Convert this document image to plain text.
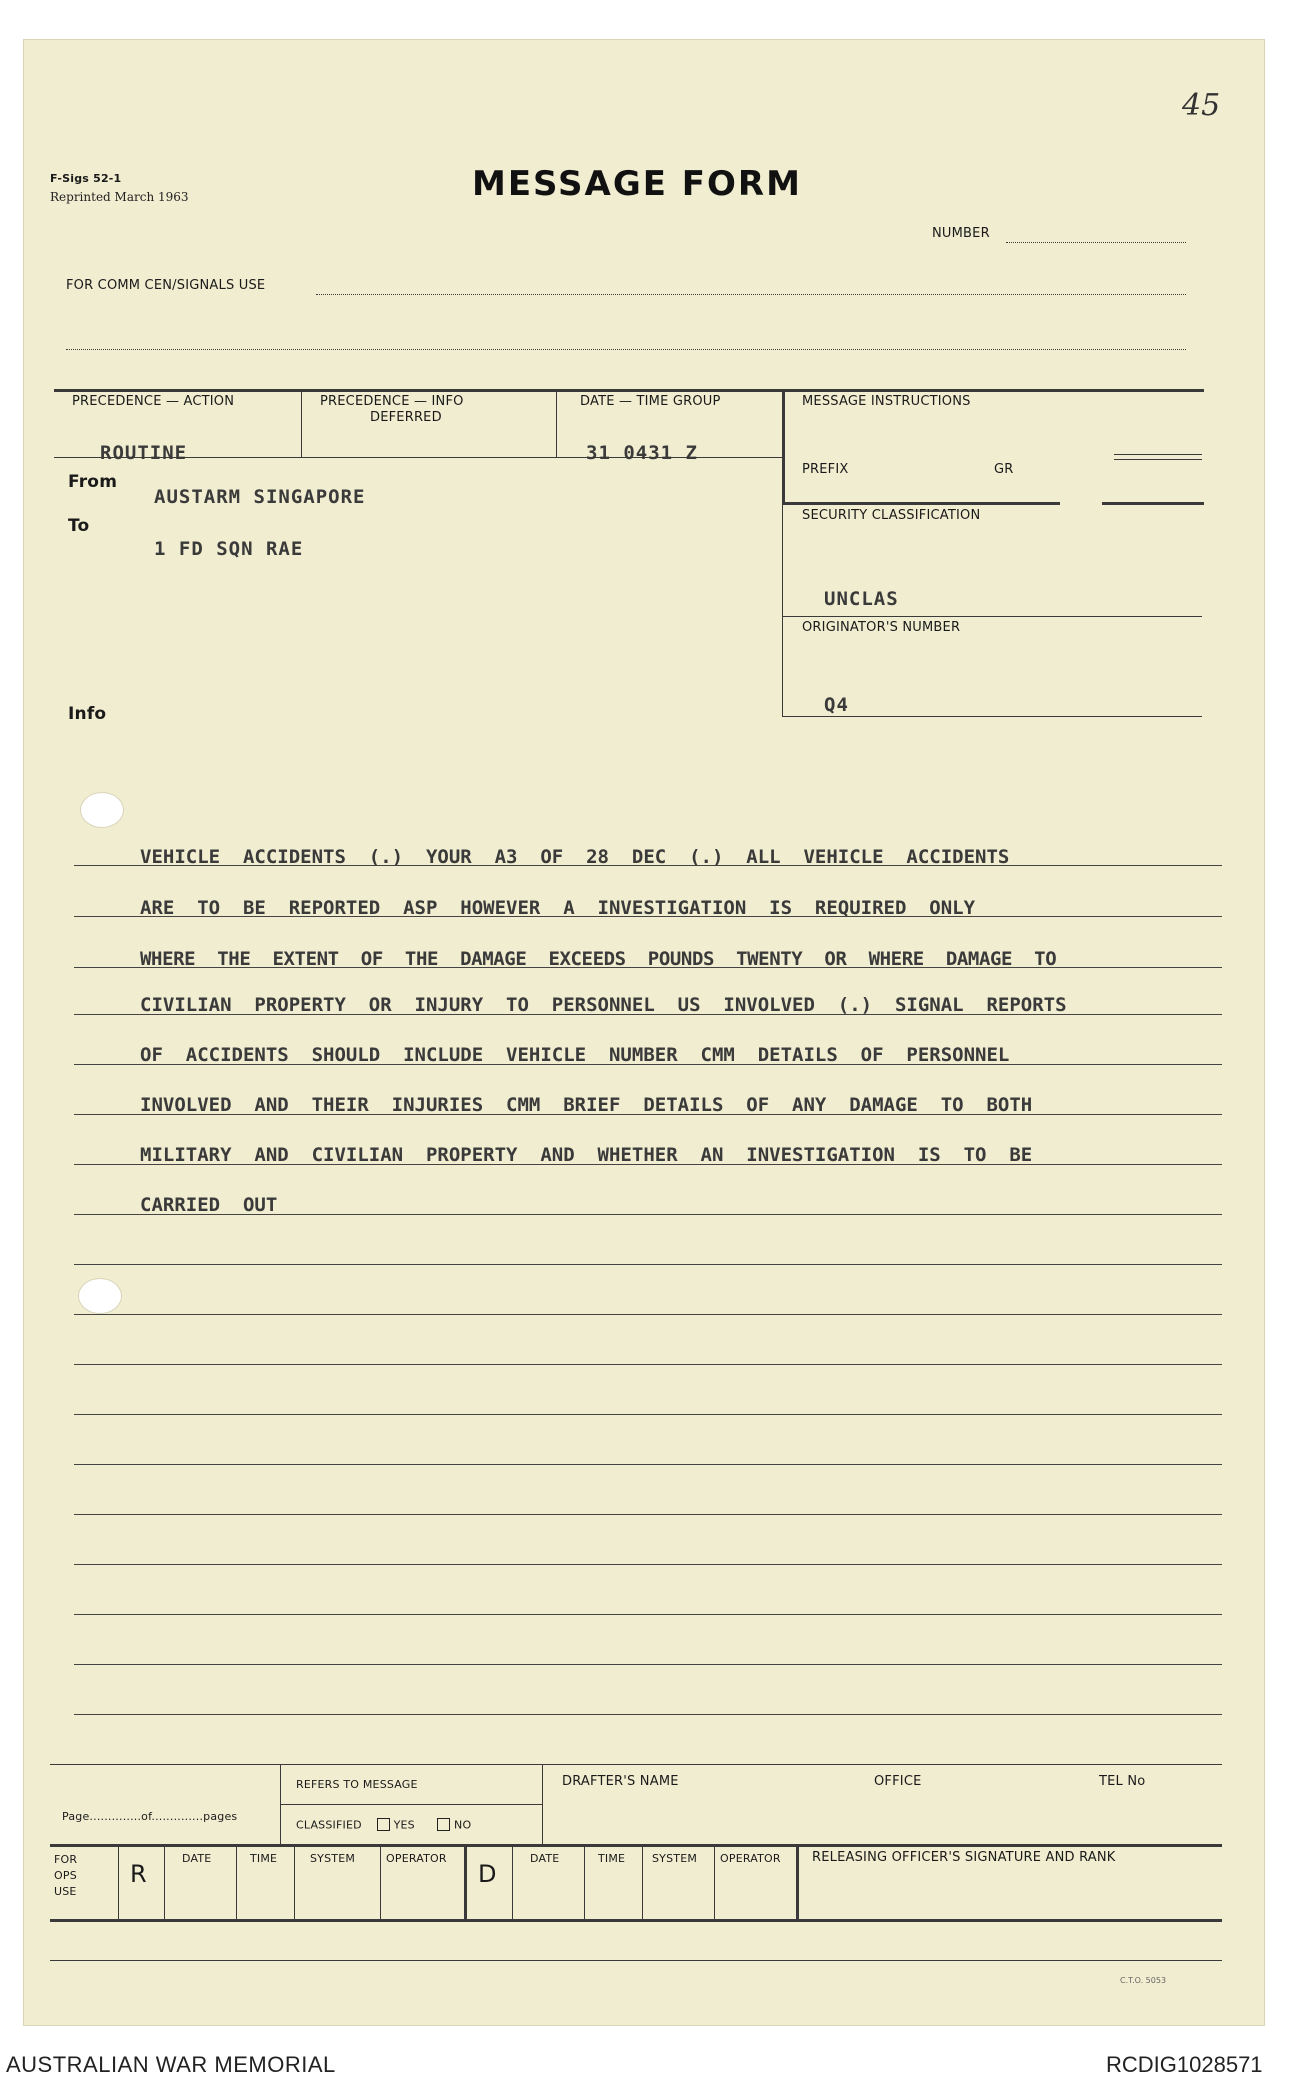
45
F-Sigs 52-1
Reprinted March 1963	MESSAGE FORM
NUMBER
FOR COMM CEN/SIGNALS USE
PRECEDENCE — ACTION	PRECEDENCE — INFO
DEFERRED
DATE — TIME GROUP	MESSAGE INSTRUCTIONS
ROUTINE	31 0431 Z
PREFIX	GR
From
AUSTARM SINGAPORE
To
1 FD SQN RAE
SECURITY CLASSIFICATION
UNCLAS
ORIGINATOR'S NUMBER
Q4
Info
VEHICLE  ACCIDENTS  (.)  YOUR  A3  OF  28  DEC  (.)  ALL  VEHICLE  ACCIDENTS
ARE  TO  BE  REPORTED  ASP  HOWEVER  A  INVESTIGATION  IS  REQUIRED  ONLY
WHERE  THE  EXTENT  OF  THE  DAMAGE  EXCEEDS  POUNDS  TWENTY  OR  WHERE  DAMAGE  TO
CIVILIAN  PROPERTY  OR  INJURY  TO  PERSONNEL  US  INVOLVED  (.)  SIGNAL  REPORTS
OF  ACCIDENTS  SHOULD  INCLUDE  VEHICLE  NUMBER  CMM  DETAILS  OF  PERSONNEL
INVOLVED  AND  THEIR  INJURIES  CMM  BRIEF  DETAILS  OF  ANY  DAMAGE  TO  BOTH
MILITARY  AND  CIVILIAN  PROPERTY  AND  WHETHER  AN  INVESTIGATION  IS  TO  BE
CARRIED  OUT
Page..............of..............pages
REFERS TO MESSAGE
CLASSIFIED	YES	NO
DRAFTER'S NAME	OFFICE	TEL No
FOR
OPS
USE
R
DATE	TIME	SYSTEM	OPERATOR
D
DATE	TIME SYSTEM OPERATOR RELEASING OFFICER'S SIGNATURE AND RANK
C.T.O. 5053
AUSTRALIAN WAR MEMORIAL	RCDIG1028571
